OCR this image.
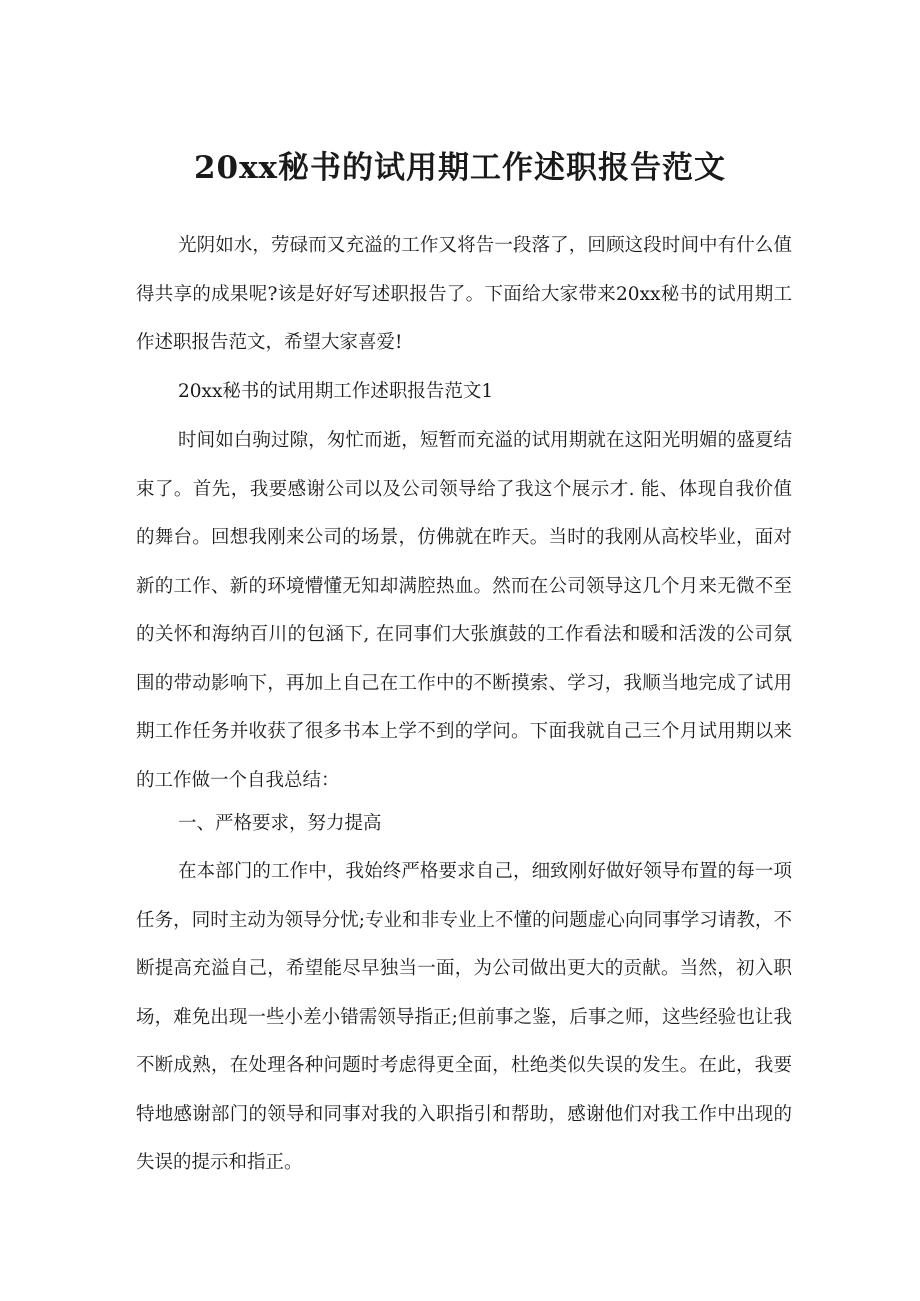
20xx秘书的试用期工作述职报告范文

光阴如水，劳碌而又充溢的工作又将告一段落了，回顾这段时间中有什么值得共享的成果呢?该是好好写述职报告了。下面给大家带来20xx秘书的试用期工作述职报告范文，希望大家喜爱!

20xx秘书的试用期工作述职报告范文1

时间如白驹过隙，匆忙而逝，短暂而充溢的试用期就在这阳光明媚的盛夏结束了。首先，我要感谢公司以及公司领导给了我这个展示才. 能、体现自我价值的舞台。回想我刚来公司的场景，仿佛就在昨天。当时的我刚从高校毕业，面对新的工作、新的环境懵懂无知却满腔热血。然而在公司领导这几个月来无微不至的关怀和海纳百川的包涵下, 在同事们大张旗鼓的工作看法和暖和活泼的公司氛围的带动影响下，再加上自己在工作中的不断摸索、学习，我顺当地完成了试用期工作任务并收获了很多书本上学不到的学问。下面我就自己三个月试用期以来的工作做一个自我总结：

一、严格要求，努力提高

在本部门的工作中，我始终严格要求自己，细致刚好做好领导布置的每一项任务，同时主动为领导分忧;专业和非专业上不懂的问题虚心向同事学习请教，不断提高充溢自己，希望能尽早独当一面，为公司做出更大的贡献。当然，初入职场，难免出现一些小差小错需领导指正;但前事之鉴，后事之师，这些经验也让我不断成熟，在处理各种问题时考虑得更全面，杜绝类似失误的发生。在此，我要特地感谢部门的领导和同事对我的入职指引和帮助，感谢他们对我工作中出现的失误的提示和指正。
